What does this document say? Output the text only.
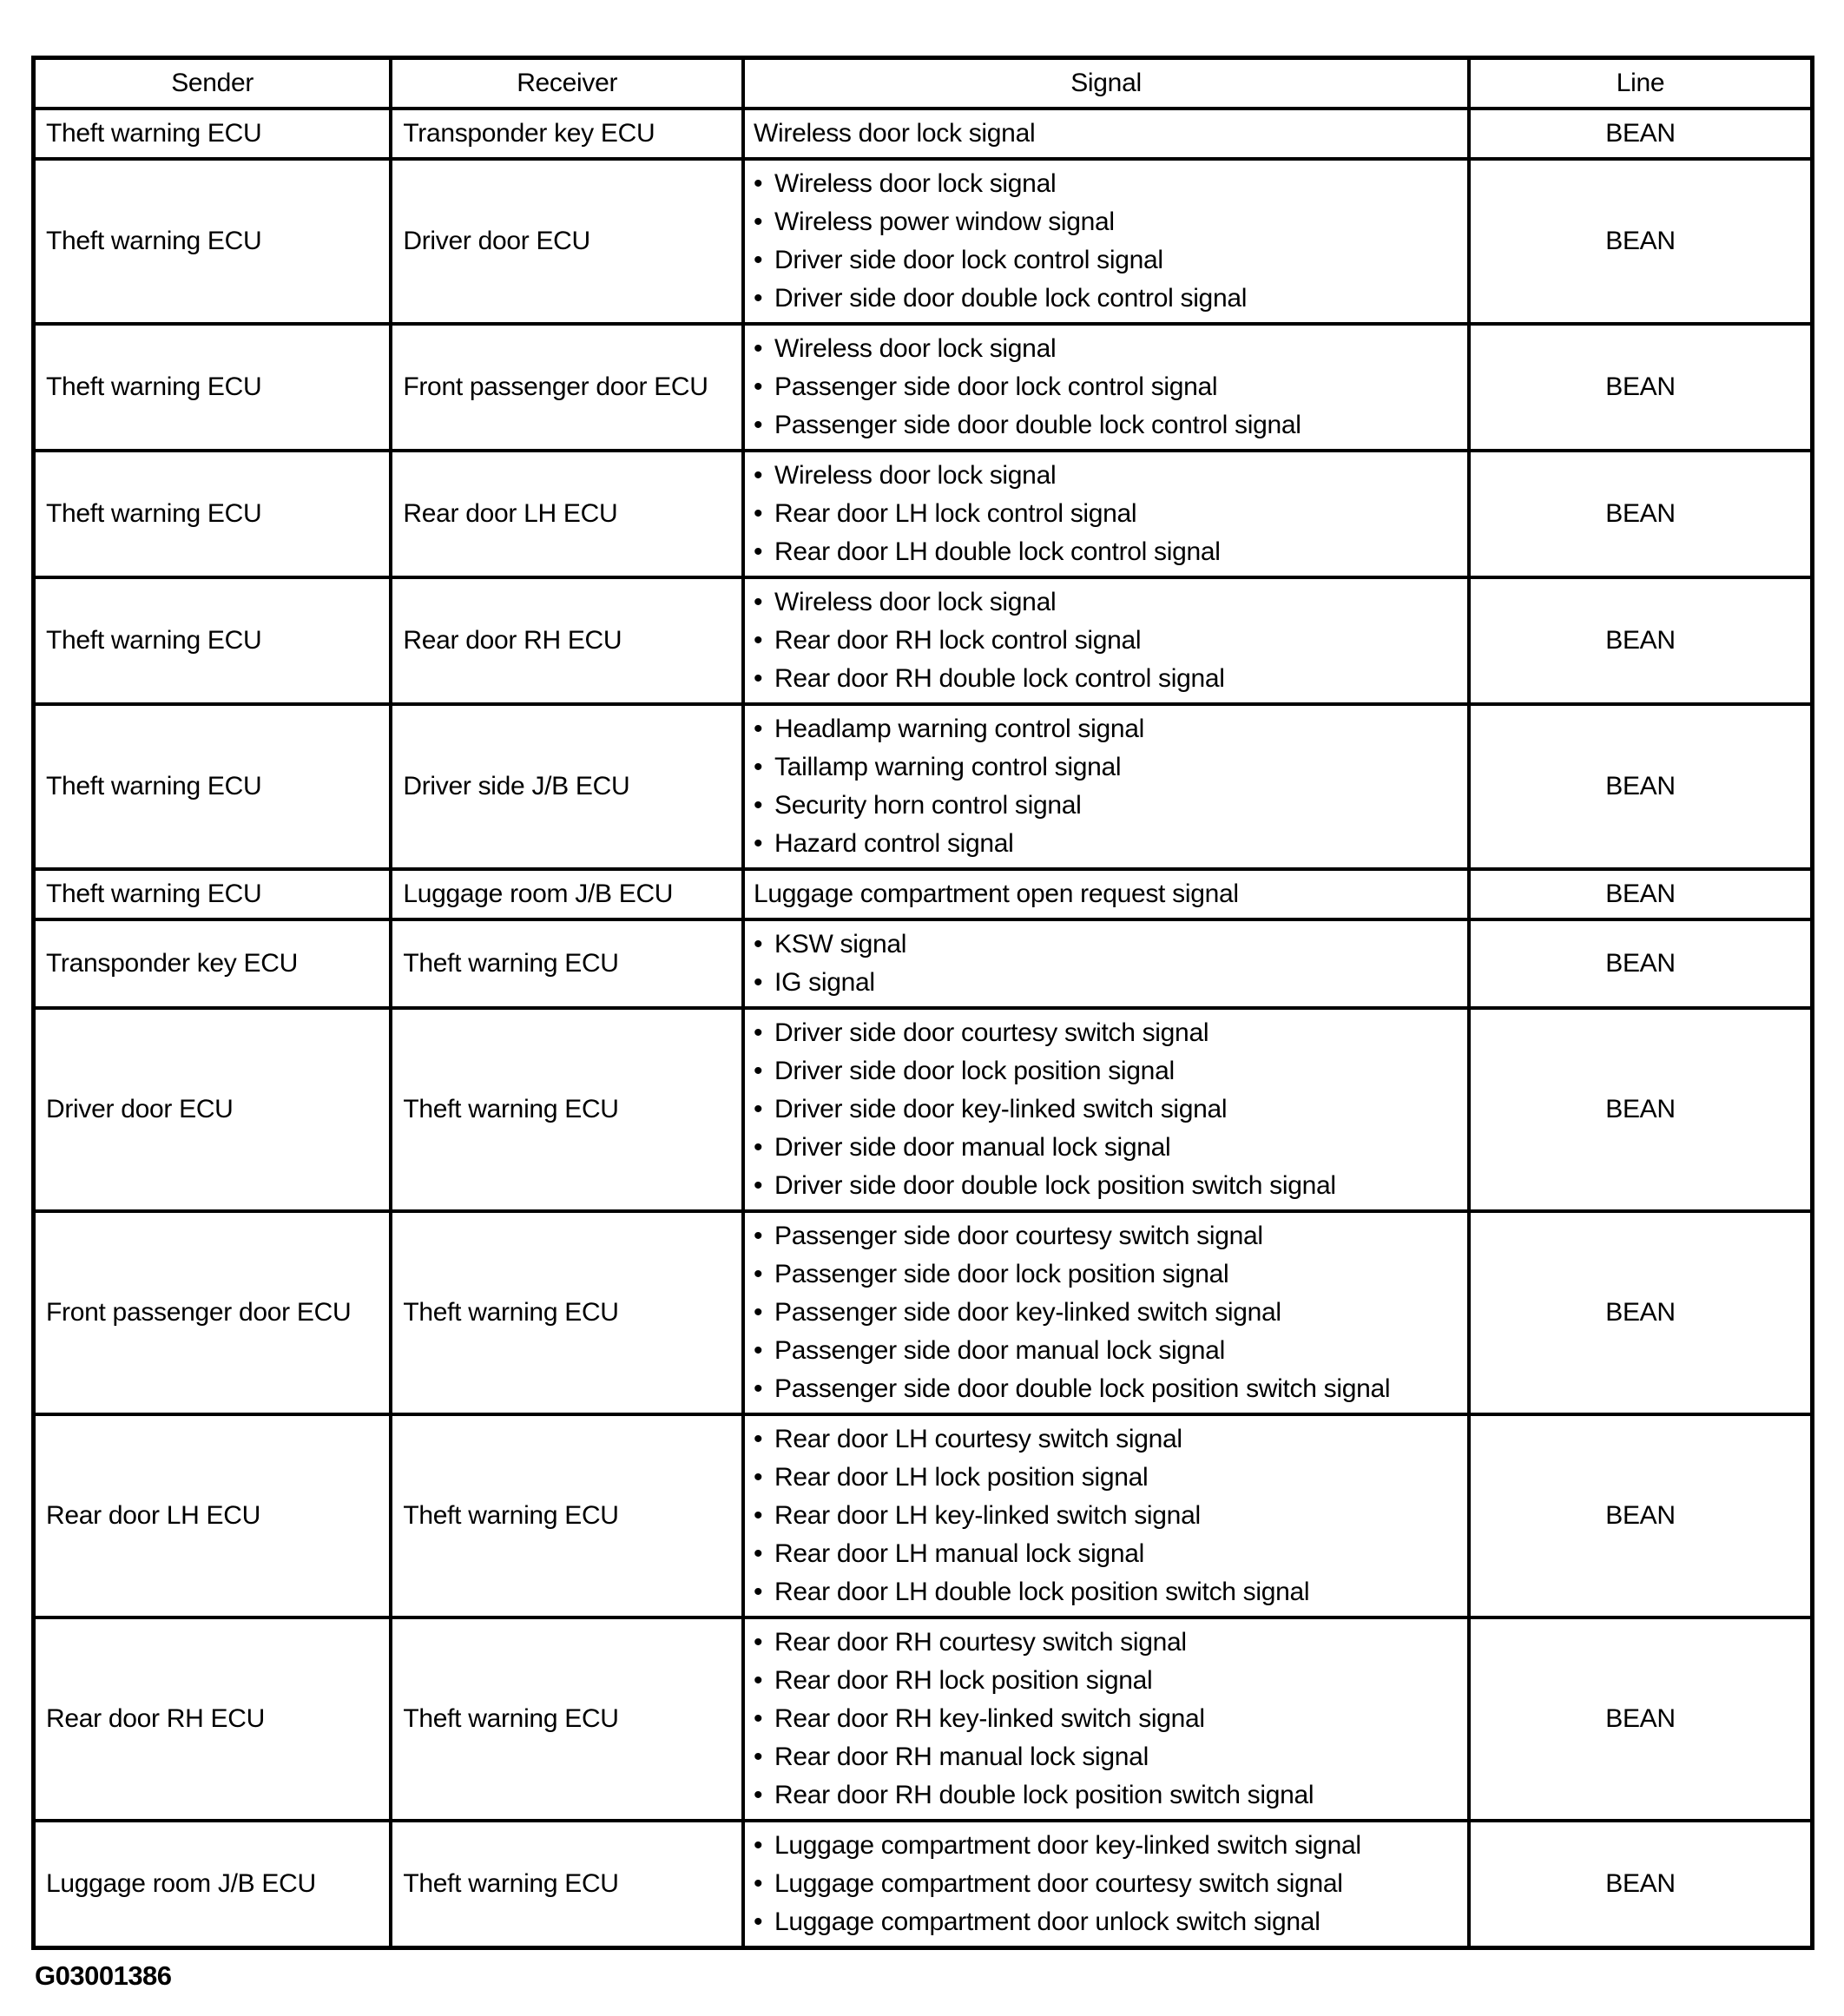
Sender	Receiver	Signal	Line
Theft warning ECU	Transponder key ECU	Wireless door lock signal	BEAN
Theft warning ECU	Driver door ECU	• Wireless door lock signal
• Wireless power window signal
• Driver side door lock control signal
• Driver side door double lock control signal	BEAN
Theft warning ECU	Front passenger door ECU	• Wireless door lock signal
• Passenger side door lock control signal
• Passenger side door double lock control signal	BEAN
Theft warning ECU	Rear door LH ECU	• Wireless door lock signal
• Rear door LH lock control signal
• Rear door LH double lock control signal	BEAN
Theft warning ECU	Rear door RH ECU	• Wireless door lock signal
• Rear door RH lock control signal
• Rear door RH double lock control signal	BEAN
Theft warning ECU	Driver side J/B ECU	• Headlamp warning control signal
• Taillamp warning control signal
• Security horn control signal
• Hazard control signal	BEAN
Theft warning ECU	Luggage room J/B ECU	Luggage compartment open request signal	BEAN
Transponder key ECU	Theft warning ECU	• KSW signal
• IG signal	BEAN
Driver door ECU	Theft warning ECU	• Driver side door courtesy switch signal
• Driver side door lock position signal
• Driver side door key-linked switch signal
• Driver side door manual lock signal
• Driver side door double lock position switch signal	BEAN
Front passenger door ECU	Theft warning ECU	• Passenger side door courtesy switch signal
• Passenger side door lock position signal
• Passenger side door key-linked switch signal
• Passenger side door manual lock signal
• Passenger side door double lock position switch signal	BEAN
Rear door LH ECU	Theft warning ECU	• Rear door LH courtesy switch signal
• Rear door LH lock position signal
• Rear door LH key-linked switch signal
• Rear door LH manual lock signal
• Rear door LH double lock position switch signal	BEAN
Rear door RH ECU	Theft warning ECU	• Rear door RH courtesy switch signal
• Rear door RH lock position signal
• Rear door RH key-linked switch signal
• Rear door RH manual lock signal
• Rear door RH double lock position switch signal	BEAN
Luggage room J/B ECU	Theft warning ECU	• Luggage compartment door key-linked switch signal
• Luggage compartment door courtesy switch signal
• Luggage compartment door unlock switch signal	BEAN
G03001386
